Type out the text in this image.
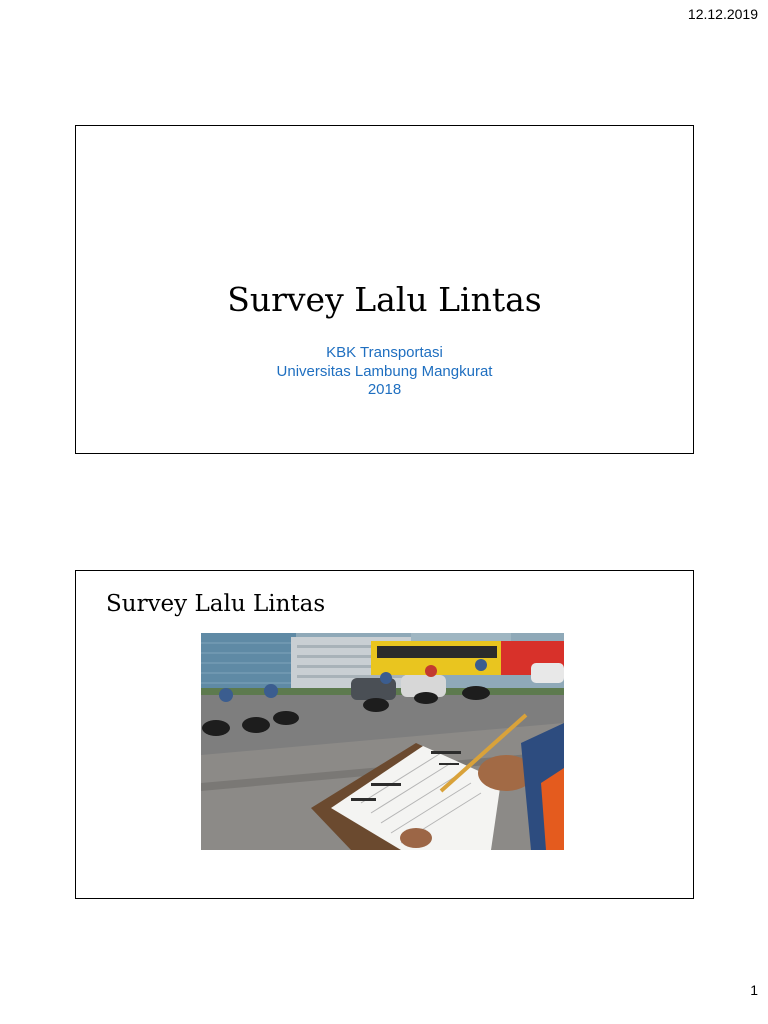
12.12.2019
Survey Lalu Lintas
KBK Transportasi
Universitas Lambung Mangkurat
2018
Survey Lalu Lintas
1
